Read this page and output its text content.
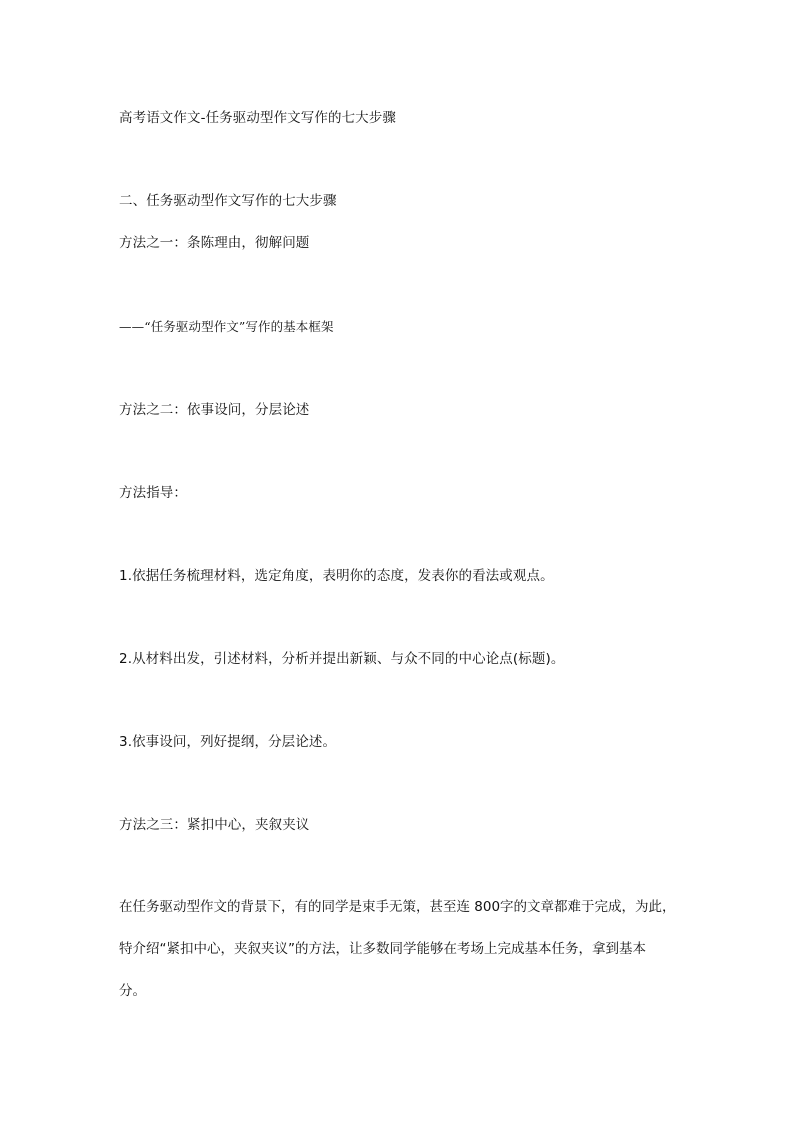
高考语文作文-任务驱动型作文写作的七大步骤
二、任务驱动型作文写作的七大步骤
方法之一：条陈理由，彻解问题
——“任务驱动型作文”写作的基本框架
方法之二：依事设问，分层论述
方法指导：
1.依据任务梳理材料，选定角度，表明你的态度，发表你的看法或观点。
2.从材料出发，引述材料，分析并提出新颖、与众不同的中心论点(标题)。
3.依事设问，列好提纲，分层论述。
方法之三：紧扣中心，夹叙夹议
在任务驱动型作文的背景下，有的同学是束手无策，甚至连 800字的文章都难于完成，为此，
特介绍“紧扣中心，夹叙夹议”的方法，让多数同学能够在考场上完成基本任务，拿到基本
分。
